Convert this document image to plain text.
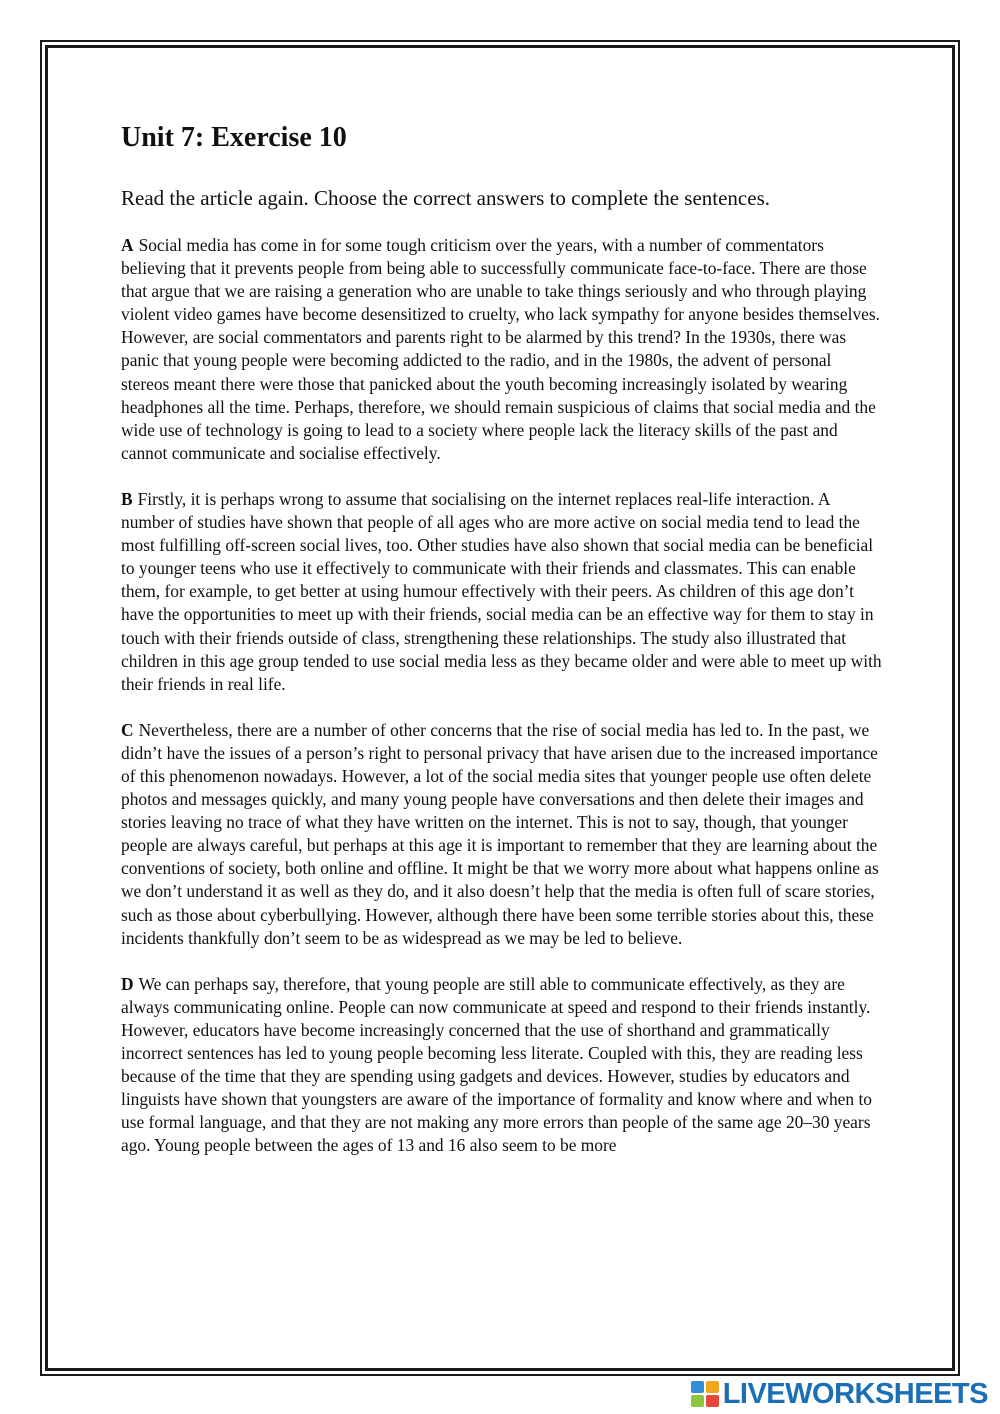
Unit 7: Exercise 10

Read the article again. Choose the correct answers to complete the sentences.

A Social media has come in for some tough criticism over the years, with a number of commentators believing that it prevents people from being able to successfully communicate face-to-face. There are those that argue that we are raising a generation who are unable to take things seriously and who through playing violent video games have become desensitized to cruelty, who lack sympathy for anyone besides themselves. However, are social commentators and parents right to be alarmed by this trend? In the 1930s, there was panic that young people were becoming addicted to the radio, and in the 1980s, the advent of personal stereos meant there were those that panicked about the youth becoming increasingly isolated by wearing headphones all the time. Perhaps, therefore, we should remain suspicious of claims that social media and the wide use of technology is going to lead to a society where people lack the literacy skills of the past and cannot communicate and socialise effectively.

B Firstly, it is perhaps wrong to assume that socialising on the internet replaces real-life interaction. A number of studies have shown that people of all ages who are more active on social media tend to lead the most fulfilling off-screen social lives, too. Other studies have also shown that social media can be beneficial to younger teens who use it effectively to communicate with their friends and classmates. This can enable them, for example, to get better at using humour effectively with their peers. As children of this age don’t have the opportunities to meet up with their friends, social media can be an effective way for them to stay in touch with their friends outside of class, strengthening these relationships. The study also illustrated that children in this age group tended to use social media less as they became older and were able to meet up with their friends in real life.

C Nevertheless, there are a number of other concerns that the rise of social media has led to. In the past, we didn’t have the issues of a person’s right to personal privacy that have arisen due to the increased importance of this phenomenon nowadays. However, a lot of the social media sites that younger people use often delete photos and messages quickly, and many young people have conversations and then delete their images and stories leaving no trace of what they have written on the internet. This is not to say, though, that younger people are always careful, but perhaps at this age it is important to remember that they are learning about the conventions of society, both online and offline. It might be that we worry more about what happens online as we don’t understand it as well as they do, and it also doesn’t help that the media is often full of scare stories, such as those about cyberbullying. However, although there have been some terrible stories about this, these incidents thankfully don’t seem to be as widespread as we may be led to believe.

D We can perhaps say, therefore, that young people are still able to communicate effectively, as they are always communicating online. People can now communicate at speed and respond to their friends instantly. However, educators have become increasingly concerned that the use of shorthand and grammatically incorrect sentences has led to young people becoming less literate. Coupled with this, they are reading less because of the time that they are spending using gadgets and devices. However, studies by educators and linguists have shown that youngsters are aware of the importance of formality and know where and when to use formal language, and that they are not making any more errors than people of the same age 20–30 years ago. Young people between the ages of 13 and 16 also seem to be more

LIVEWORKSHEETS
